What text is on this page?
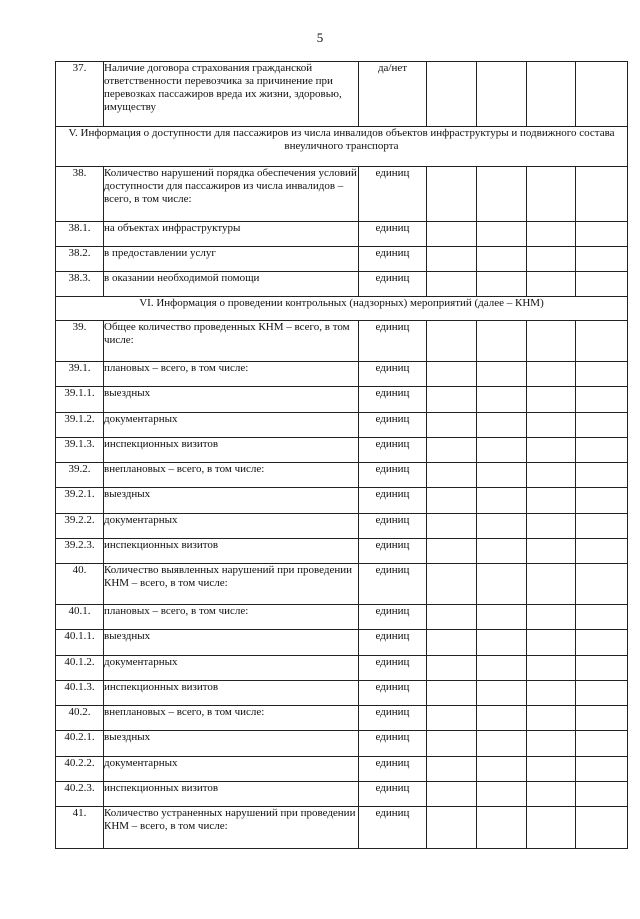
5
37.	Наличие договора страхования гражданской ответственности перевозчика за причинение при перевозках пассажиров вреда их жизни, здоровью, имуществу	да/нет				
V. Информация о доступности для пассажиров из числа инвалидов объектов инфраструктуры и подвижного состава внеуличного транспорта						
38.	Количество нарушений порядка обеспечения условий доступности для пассажиров из числа инвалидов – всего, в том числе:	единиц				
38.1.	на объектах инфраструктуры	единиц				
38.2.	в предоставлении услуг	единиц				
38.3.	в оказании необходимой помощи	единиц				
VI. Информация о проведении контрольных (надзорных) мероприятий (далее – КНМ)						
39.	Общее количество проведенных КНМ – всего, в том числе:	единиц				
39.1.	плановых – всего, в том числе:	единиц				
39.1.1.	выездных	единиц				
39.1.2.	документарных	единиц				
39.1.3.	инспекционных визитов	единиц				
39.2.	внеплановых – всего, в том числе:	единиц				
39.2.1.	выездных	единиц				
39.2.2.	документарных	единиц				
39.2.3.	инспекционных визитов	единиц				
40.	Количество выявленных нарушений при проведении КНМ – всего, в том числе:	единиц				
40.1.	плановых – всего, в том числе:	единиц				
40.1.1.	выездных	единиц				
40.1.2.	документарных	единиц				
40.1.3.	инспекционных визитов	единиц				
40.2.	внеплановых – всего, в том числе:	единиц				
40.2.1.	выездных	единиц				
40.2.2.	документарных	единиц				
40.2.3.	инспекционных визитов	единиц				
41.	Количество устраненных нарушений при проведении КНМ – всего, в том числе:	единиц				
